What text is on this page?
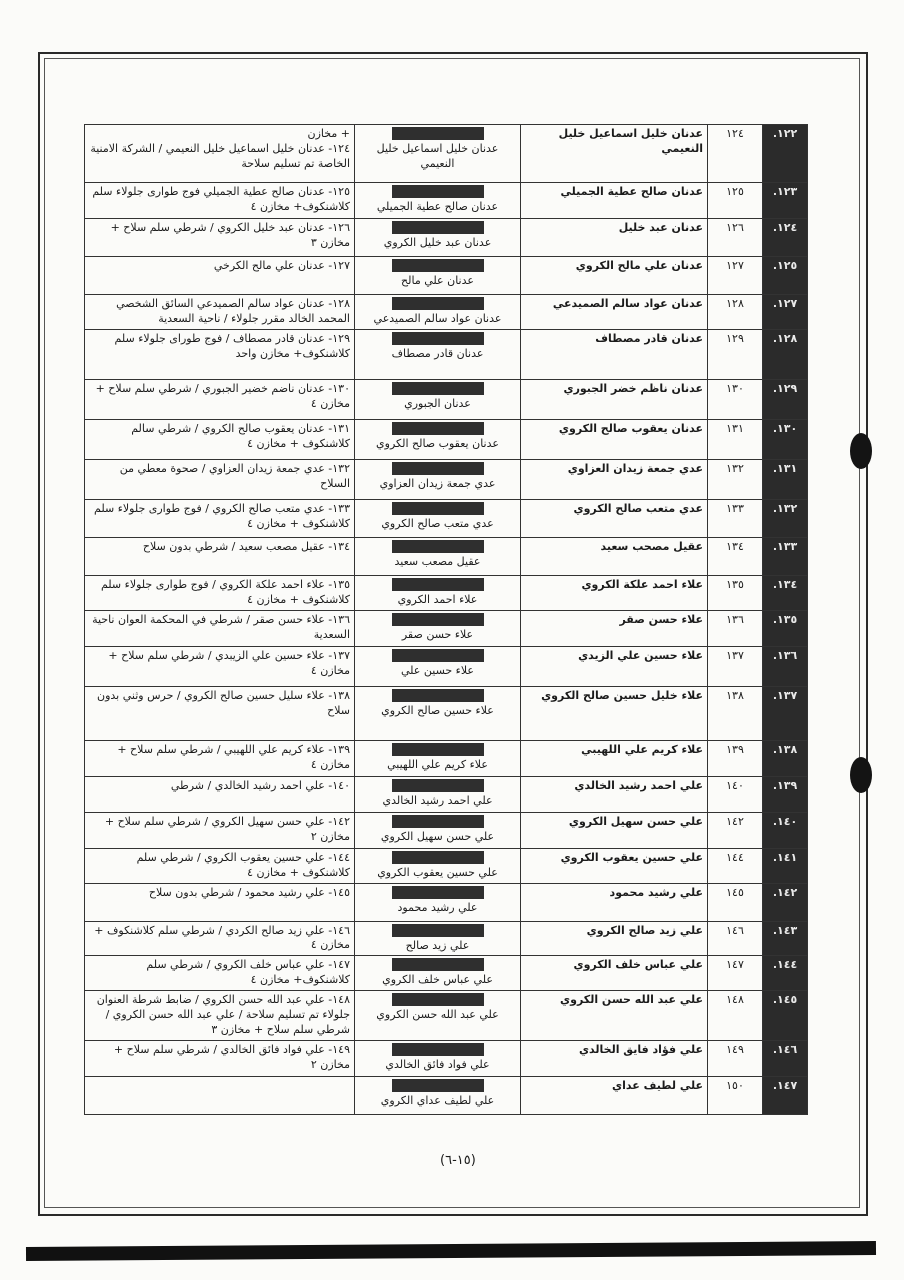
١٢٢.	١٢٤	عدنان خليل اسماعيل خليل النعيمي	عدنان خليل اسماعيل خليل النعيمي	+ مخازن
١٢٤- عدنان خليل اسماعيل خليل النعيمي / الشركة الامنية الخاصة تم تسليم سلاحة
١٢٣.	١٢٥	عدنان صالح عطية الجميلي	عدنان صالح عطية الجميلي	١٢٥- عدنان صالح عطية الجميلي فوج طوارى جلولاء سلم كلاشنكوف+ مخازن ٤
١٢٤.	١٢٦	عدنان عبد خليل	عدنان عبد خليل الكروي	١٢٦- عدنان عبد خليل الكروي / شرطي سلم سلاح + مخازن ٣
١٢٥.	١٢٧	عدنان علي مالح الكروي	عدنان علي مالح	١٢٧- عدنان علي مالح الكرخي
١٢٧.	١٢٨	عدنان عواد سالم الصميدعي	عدنان عواد سالم الصميدعي	١٢٨- عدنان عواد سالم الصميدعي السائق الشخصي المحمد الخالد مقرر جلولاء / ناحية السعدية
١٢٨.	١٢٩	عدنان قادر مصطاف	عدنان قادر مصطاف	١٢٩- عدنان قادر مصطاف / فوج طوراى جلولاء سلم كلاشنكوف+ مخازن واحد
١٢٩.	١٣٠	عدنان ناظم خضر الجبوري	عدنان الجبوري	١٣٠- عدنان ناضم خضير الجبوري / شرطي سلم سلاح + مخازن ٤
١٣٠.	١٣١	عدنان يعقوب صالح الكروي	عدنان يعقوب صالح الكروي	١٣١- عدنان يعقوب صالح الكروي / شرطي سالم كلاشنكوف + مخازن ٤
١٣١.	١٣٢	عدي جمعة زيدان العزاوي	عدي جمعة زيدان العزاوي	١٣٢- عدي جمعة زيدان العزاوي / صحوة معطي من السلاح
١٣٢.	١٣٣	عدي متعب صالح الكروي	عدي متعب صالح الكروي	١٣٣- عدي متعب صالح الكروي / فوج طوارى جلولاء سلم كلاشنكوف + مخازن ٤
١٣٣.	١٣٤	عقيل مصحب سعيد	عقيل مصعب سعيد	١٣٤- عقيل مصعب سعيد / شرطي بدون سلاح
١٣٤.	١٣٥	علاء احمد علكة الكروي	علاء احمد الكروي	١٣٥- علاء احمد علكة الكروي / فوج طوارى جلولاء سلم كلاشنكوف + مخازن ٤
١٣٥.	١٣٦	علاء حسن صقر	علاء حسن صقر	١٣٦- علاء حسن صقر / شرطي في المحكمة العوان ناحية السعدية
١٣٦.	١٣٧	علاء حسين علي الزيدي	علاء حسين علي	١٣٧- علاء حسين علي الزيبدي / شرطي سلم سلاح + مخازن ٤
١٣٧.	١٣٨	علاء خليل حسين صالح الكروي	علاء حسين صالح الكروي	١٣٨- علاء سليل حسين صالح الكروي / حرس وثني بدون سلاح
١٣٨.	١٣٩	علاء كريم علي اللهيبي	علاء كريم علي اللهيبي	١٣٩- علاء كريم علي اللهيبي / شرطي سلم سلاح + مخازن ٤
١٣٩.	١٤٠	علي احمد رشيد الخالدي	علي احمد رشيد الخالدي	١٤٠- علي احمد رشيد الخالدي / شرطي
١٤٠.	١٤٢	علي حسن سهيل الكروي	علي حسن سهيل الكروي	١٤٢- علي حسن سهيل الكروي / شرطي سلم سلاح + مخازن ٢
١٤١.	١٤٤	علي حسين يعقوب الكروي	علي حسين يعقوب الكروي	١٤٤- علي حسين يعقوب الكروي / شرطي سلم كلاشنكوف + مخازن ٤
١٤٢.	١٤٥	علي رشيد محمود	علي رشيد محمود	١٤٥- علي رشيد محمود / شرطي بدون سلاح
١٤٣.	١٤٦	علي زيد صالح الكروي	علي زيد صالح	١٤٦- علي زيد صالح الكردي / شرطي سلم كلاشنكوف + مخازن ٤
١٤٤.	١٤٧	علي عباس خلف الكروي	علي عباس خلف الكروي	١٤٧- علي عباس خلف الكروي / شرطي سلم كلاشنكوف+ مخازن ٤
١٤٥.	١٤٨	علي عبد الله حسن الكروي	علي عبد الله حسن الكروي	١٤٨- علي عبد الله حسن الكروي / ضابط شرطة العنوان جلولاء تم تسليم سلاحة / علي عبد الله حسن الكروي / شرطي سلم سلاح + مخازن ٣
١٤٦.	١٤٩	علي فؤاد فايق الخالدي	علي فواد فائق الخالدي	١٤٩- علي فواد فائق الخالدي / شرطي سلم سلاح + مخازن ٢
١٤٧.	١٥٠	علي لطيف عداي	علي لطيف عداي الكروي	
(١٥-٦)
